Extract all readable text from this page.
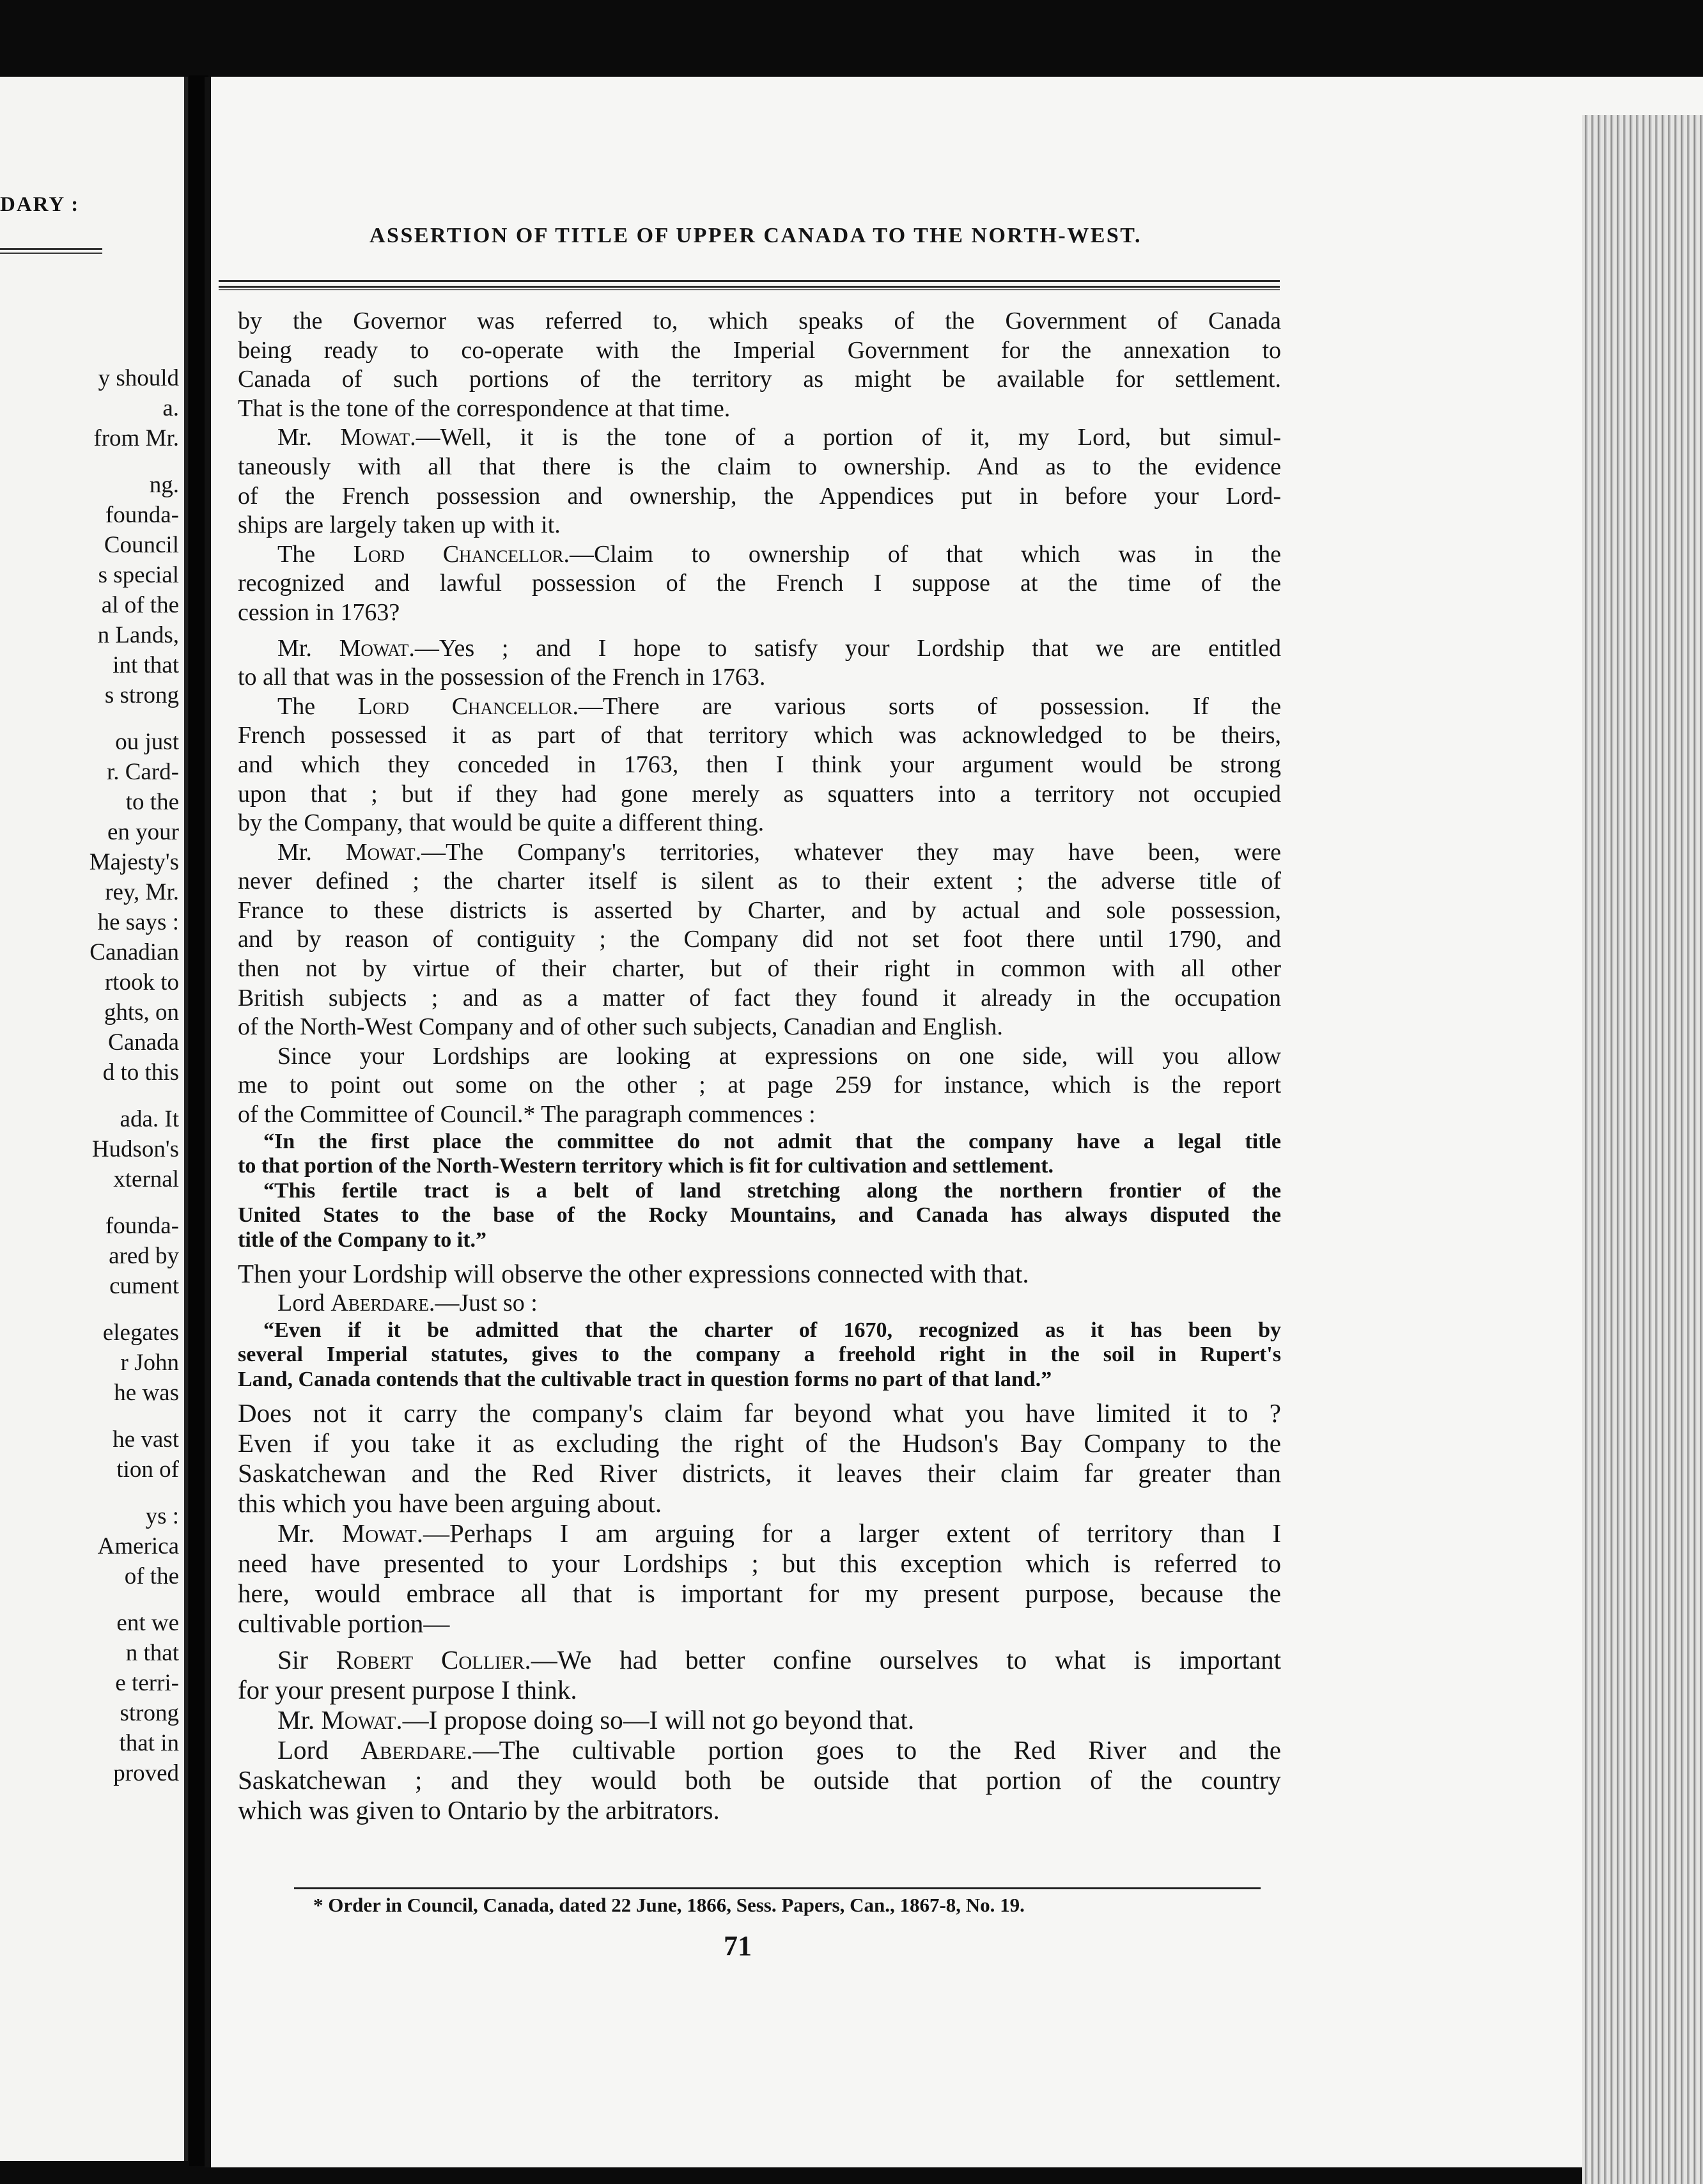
DARY :
y should
a.
from Mr.
ng.
founda-
Council
s special
al of the
n Lands,
int that
s strong
ou just
r. Card-
to the
en your
Majesty's
rey, Mr.
he says :
Canadian
rtook to
ghts, on
Canada
d to this
ada. It
Hudson's
xternal
founda-
ared by
cument
elegates
r John
he was
he vast
tion of
ys :
America
of the
ent we
n that
e terri-
strong
that in
proved
ASSERTION OF TITLE OF UPPER CANADA TO THE NORTH-WEST.

by the Governor was referred to, which speaks of the Government of Canada

being ready to co-operate with the Imperial Government for the annexation to

Canada of such portions of the territory as might be available for settlement.

That is the tone of the correspondence at that time.

Mr. Mowat.—Well, it is the tone of a portion of it, my Lord, but simul-

taneously with all that there is the claim to ownership. And as to the evidence

of the French possession and ownership, the Appendices put in before your Lord-

ships are largely taken up with it.

The Lord Chancellor.—Claim to ownership of that which was in the

recognized and lawful possession of the French I suppose at the time of the

cession in 1763?

Mr. Mowat.—Yes ; and I hope to satisfy your Lordship that we are entitled

to all that was in the possession of the French in 1763.

The Lord Chancellor.—There are various sorts of possession. If the

French possessed it as part of that territory which was acknowledged to be theirs,

and which they conceded in 1763, then I think your argument would be strong

upon that ; but if they had gone merely as squatters into a territory not occupied

by the Company, that would be quite a different thing.

Mr. Mowat.—The Company's territories, whatever they may have been, were

never defined ; the charter itself is silent as to their extent ; the adverse title of

France to these districts is asserted by Charter, and by actual and sole possession,

and by reason of contiguity ; the Company did not set foot there until 1790, and

then not by virtue of their charter, but of their right in common with all other

British subjects ; and as a matter of fact they found it already in the occupation

of the North-West Company and of other such subjects, Canadian and English.

Since your Lordships are looking at expressions on one side, will you allow

me to point out some on the other ; at page 259 for instance, which is the report

of the Committee of Council.* The paragraph commences :

“In the first place the committee do not admit that the company have a legal title

to that portion of the North-Western territory which is fit for cultivation and settlement.

“This fertile tract is a belt of land stretching along the northern frontier of the

United States to the base of the Rocky Mountains, and Canada has always disputed the

title of the Company to it.”

Then your Lordship will observe the other expressions connected with that.

Lord Aberdare.—Just so :

“Even if it be admitted that the charter of 1670, recognized as it has been by

several Imperial statutes, gives to the company a freehold right in the soil in Rupert's

Land, Canada contends that the cultivable tract in question forms no part of that land.”

Does not it carry the company's claim far beyond what you have limited it to ?

Even if you take it as excluding the right of the Hudson's Bay Company to the

Saskatchewan and the Red River districts, it leaves their claim far greater than

this which you have been arguing about.

Mr. Mowat.—Perhaps I am arguing for a larger extent of territory than I

need have presented to your Lordships ; but this exception which is referred to

here, would embrace all that is important for my present purpose, because the

cultivable portion—

Sir Robert Collier.—We had better confine ourselves to what is important

for your present purpose I think.

Mr. Mowat.—I propose doing so—I will not go beyond that.

Lord Aberdare.—The cultivable portion goes to the Red River and the

Saskatchewan ; and they would both be outside that portion of the country

which was given to Ontario by the arbitrators.

* Order in Council, Canada, dated 22 June, 1866, Sess. Papers, Can., 1867-8, No. 19.
71
